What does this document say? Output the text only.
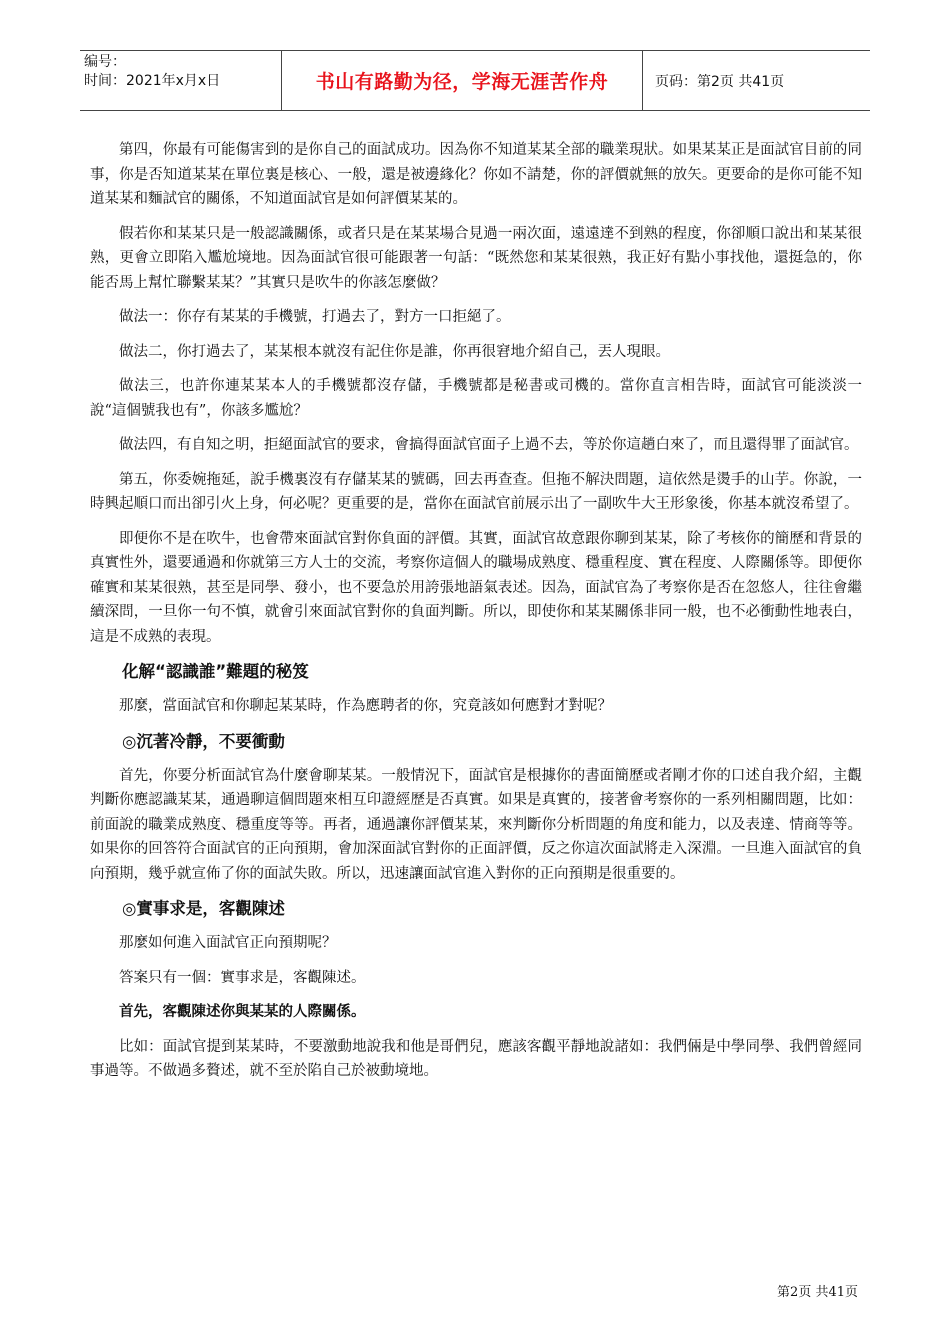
编号：
时间：2021年x月x日	书山有路勤为径，学海无涯苦作舟	页码：第2页 共41页

第四，你最有可能傷害到的是你自己的面試成功。因為你不知道某某全部的職業現狀。如果某某正是面試官目前的同事，你是否知道某某在單位裏是核心、一般，還是被邊緣化？你如不請楚，你的評價就無的放矢。更要命的是你可能不知道某某和麵試官的關係，不知道面試官是如何評價某某的。

假若你和某某只是一般認識關係，或者只是在某某場合見過一兩次面，遠遠達不到熟的程度，你卻順口說出和某某很熟，更會立即陷入尷尬境地。因為面試官很可能跟著一句話：“既然您和某某很熟，我正好有點小事找他，還挺急的，你能否馬上幫忙聯繫某某？”其實只是吹牛的你該怎麼做？

做法一：你存有某某的手機號，打過去了，對方一口拒絕了。

做法二，你打過去了，某某根本就沒有記住你是誰，你再很窘地介紹自己，丟人現眼。

做法三，也許你連某某本人的手機號都沒存儲，手機號都是秘書或司機的。當你直言相告時，面試官可能淡淡一說“這個號我也有”，你該多尷尬？

做法四，有自知之明，拒絕面試官的要求，會搞得面試官面子上過不去，等於你這趟白來了，而且還得罪了面試官。

第五，你委婉拖延，說手機裏沒有存儲某某的號碼，回去再查查。但拖不解決問題，這依然是燙手的山芋。你說，一時興起順口而出卻引火上身，何必呢？更重要的是，當你在面試官前展示出了一副吹牛大王形象後，你基本就沒希望了。

即便你不是在吹牛，也會帶來面試官對你負面的評價。其實，面試官故意跟你聊到某某，除了考核你的簡歷和背景的真實性外，還要通過和你就第三方人士的交流，考察你這個人的職場成熟度、穩重程度、實在程度、人際關係等。即便你確實和某某很熟，甚至是同學、發小，也不要急於用誇張地語氣表述。因為，面試官為了考察你是否在忽悠人，往往會繼續深問，一旦你一句不慎，就會引來面試官對你的負面判斷。所以，即使你和某某關係非同一般，也不必衝動性地表白，這是不成熟的表現。

化解“認識誰”難題的秘笈

那麼，當面試官和你聊起某某時，作為應聘者的你，究竟該如何應對才對呢？

◎沉著冷靜，不要衝動

首先，你要分析面試官為什麼會聊某某。一般情況下，面試官是根據你的書面簡歷或者剛才你的口述自我介紹，主觀判斷你應認識某某，通過聊這個問題來相互印證經歷是否真實。如果是真實的，接著會考察你的一系列相關問題，比如：前面說的職業成熟度、穩重度等等。再者，通過讓你評價某某，來判斷你分析問題的角度和能力，以及表達、情商等等。如果你的回答符合面試官的正向預期，會加深面試官對你的正面評價，反之你這次面試將走入深淵。一旦進入面試官的負向預期，幾乎就宣佈了你的面試失敗。所以，迅速讓面試官進入對你的正向預期是很重要的。

◎實事求是，客觀陳述

那麼如何進入面試官正向預期呢？

答案只有一個：實事求是，客觀陳述。

首先，客觀陳述你與某某的人際關係。

比如：面試官提到某某時，不要激動地說我和他是哥們兒，應該客觀平靜地說諸如：我們倆是中學同學、我們曾經同事過等。不做過多贅述，就不至於陷自己於被動境地。

第2页 共41页
